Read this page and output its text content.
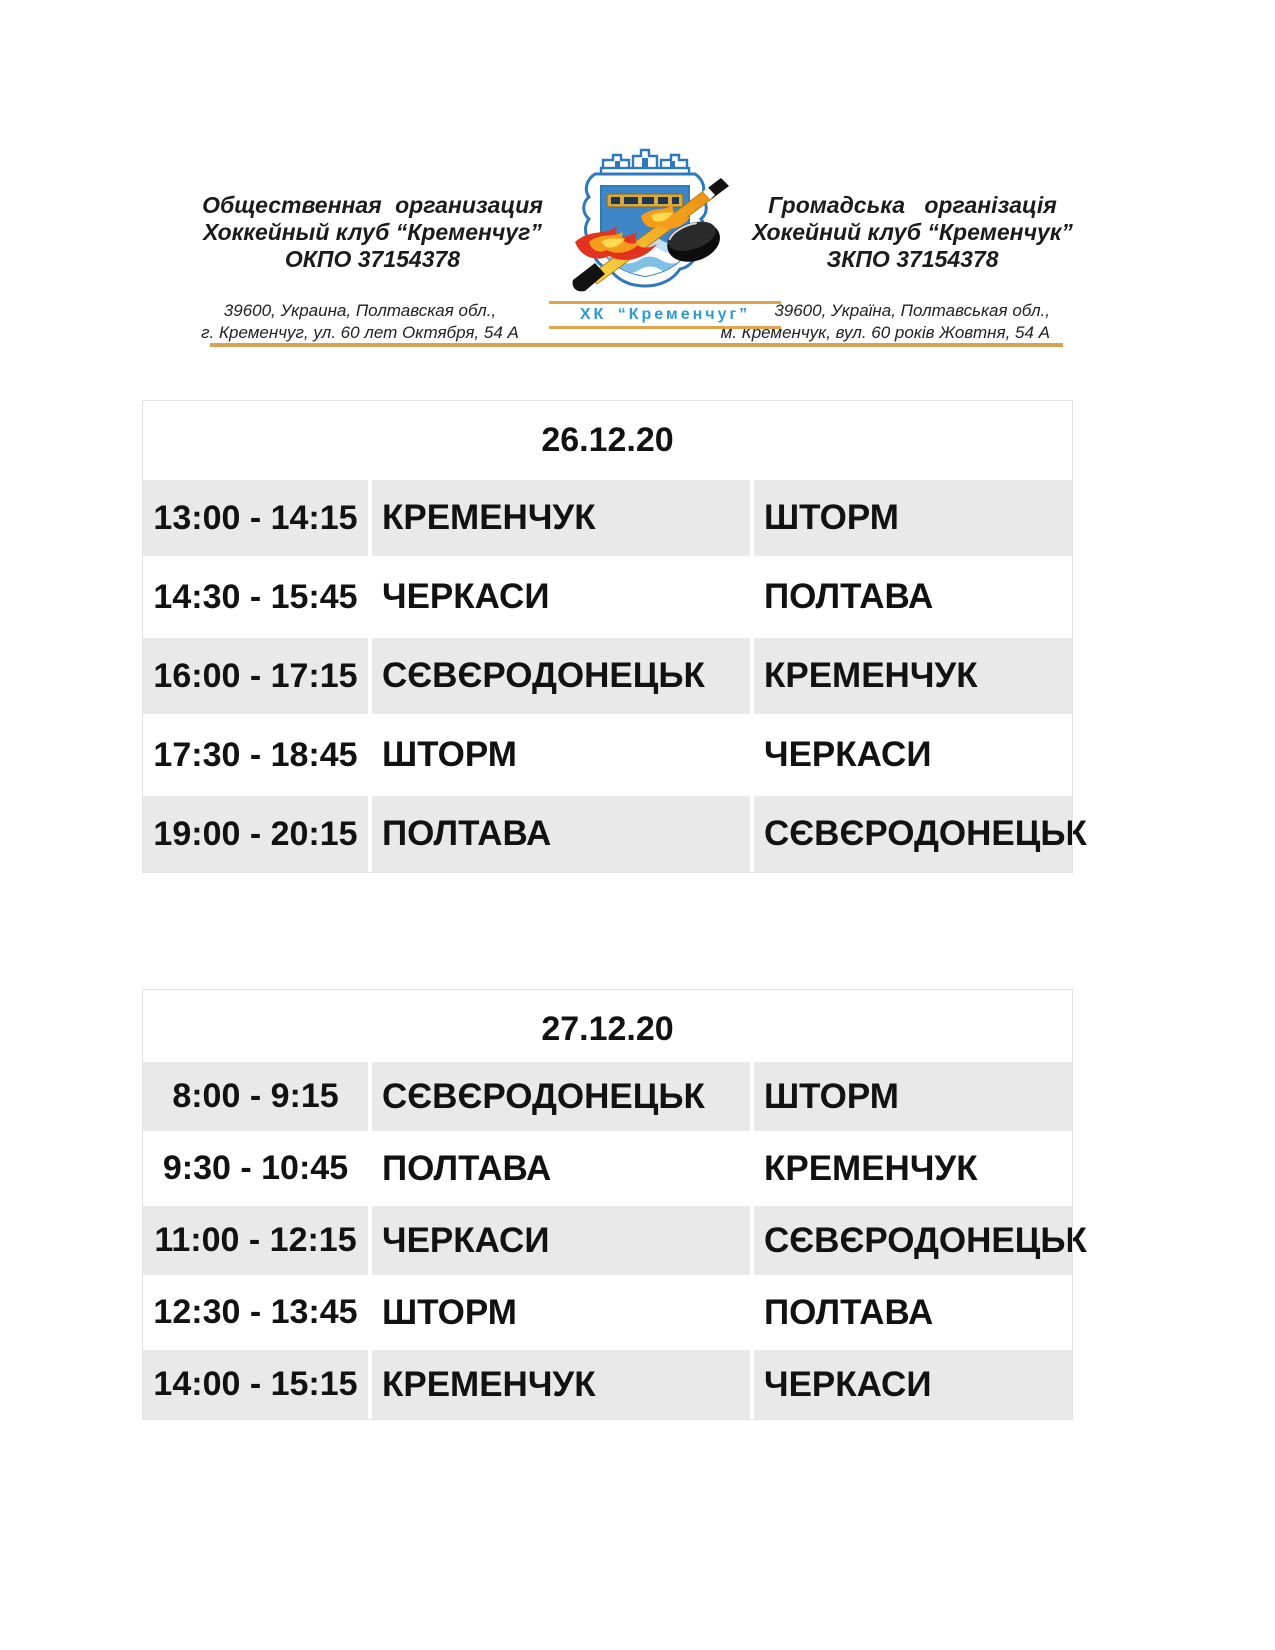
Общественная организация
Хоккейный клуб “Кременчуг”
ОКПО 37154378
Громадська організація
Хокейний клуб “Кременчук”
ЗКПО 37154378
39600, Украина, Полтавская обл.,
г. Кременчуг, ул. 60 лет Октября, 54 А
39600, Україна, Полтавськая обл.,
м. Кременчук, вул. 60 років Жовтня, 54 А
ХК “Кременчуг”
26.12.20
13:00 - 14:15 КРЕМЕНЧУК	ШТОРМ
14:30 - 15:45 ЧЕРКАСИ	ПОЛТАВА
16:00 - 17:15 СЄВЄРОДОНЕЦЬК	КРЕМЕНЧУК
17:30 - 18:45 ШТОРМ	ЧЕРКАСИ
19:00 - 20:15 ПОЛТАВА	СЄВЄРОДОНЕЦЬК
27.12.20
8:00 - 9:15	СЄВЄРОДОНЕЦЬК	ШТОРМ
9:30 - 10:45 ПОЛТАВА	КРЕМЕНЧУК
11:00 - 12:15 ЧЕРКАСИ	СЄВЄРОДОНЕЦЬК
12:30 - 13:45 ШТОРМ	ПОЛТАВА
14:00 - 15:15 КРЕМЕНЧУК	ЧЕРКАСИ
